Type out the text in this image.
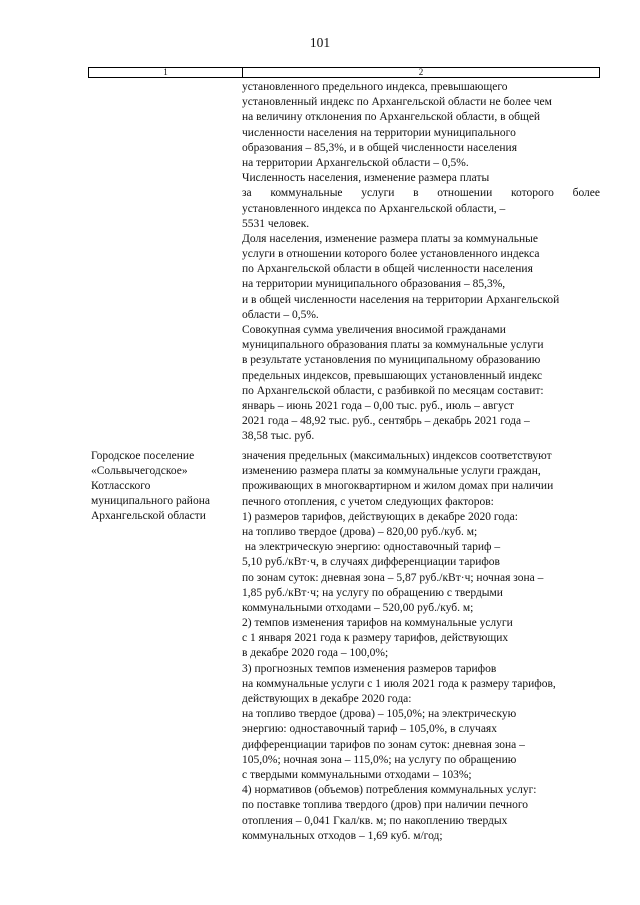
101
1	2
установленного предельного индекса, превышающего
установленный индекс по Архангельской области не более чем
на величину отклонения по Архангельской области, в общей
численности населения на территории муниципального
образования – 85,3%, и в общей численности населения
на территории Архангельской области – 0,5%.
Численность населения, изменение размера платы
за коммунальные услуги в отношении которого более
установленного индекса по Архангельской области, –
5531 человек.
Доля населения, изменение размера платы за коммунальные
услуги в отношении которого более установленного индекса
по Архангельской области в общей численности населения
на территории муниципального образования – 85,3%,
и в общей численности населения на территории Архангельской
области – 0,5%.
Совокупная сумма увеличения вносимой гражданами
муниципального образования платы за коммунальные услуги
в результате установления по муниципальному образованию
предельных индексов, превышающих установленный индекс
по Архангельской области, с разбивкой по месяцам составит:
январь – июнь 2021 года – 0,00 тыс. руб., июль – август
2021 года – 48,92 тыс. руб., сентябрь – декабрь 2021 года –
38,58 тыс. руб.
Городское поселение
«Сольвычегодское»
Котласского
муниципального района
Архангельской области
значения предельных (максимальных) индексов соответствуют
изменению размера платы за коммунальные услуги граждан,
проживающих в многоквартирном и жилом домах при наличии
печного отопления, с учетом следующих факторов:
1) размеров тарифов, действующих в декабре 2020 года:
на топливо твердое (дрова) – 820,00 руб./куб. м;
на электрическую энергию: одноставочный тариф –
5,10 руб./кВт·ч, в случаях дифференциации тарифов
по зонам суток: дневная зона – 5,87 руб./кВт·ч; ночная зона –
1,85 руб./кВт·ч; на услугу по обращению с твердыми
коммунальными отходами – 520,00 руб./куб. м;
2) темпов изменения тарифов на коммунальные услуги
с 1 января 2021 года к размеру тарифов, действующих
в декабре 2020 года – 100,0%;
3) прогнозных темпов изменения размеров тарифов
на коммунальные услуги с 1 июля 2021 года к размеру тарифов,
действующих в декабре 2020 года:
на топливо твердое (дрова) – 105,0%; на электрическую
энергию: одноставочный тариф – 105,0%, в случаях
дифференциации тарифов по зонам суток: дневная зона –
105,0%; ночная зона – 115,0%; на услугу по обращению
с твердыми коммунальными отходами – 103%;
4) нормативов (объемов) потребления коммунальных услуг:
по поставке топлива твердого (дров) при наличии печного
отопления – 0,041 Гкал/кв. м; по накоплению твердых
коммунальных отходов – 1,69 куб. м/год;
